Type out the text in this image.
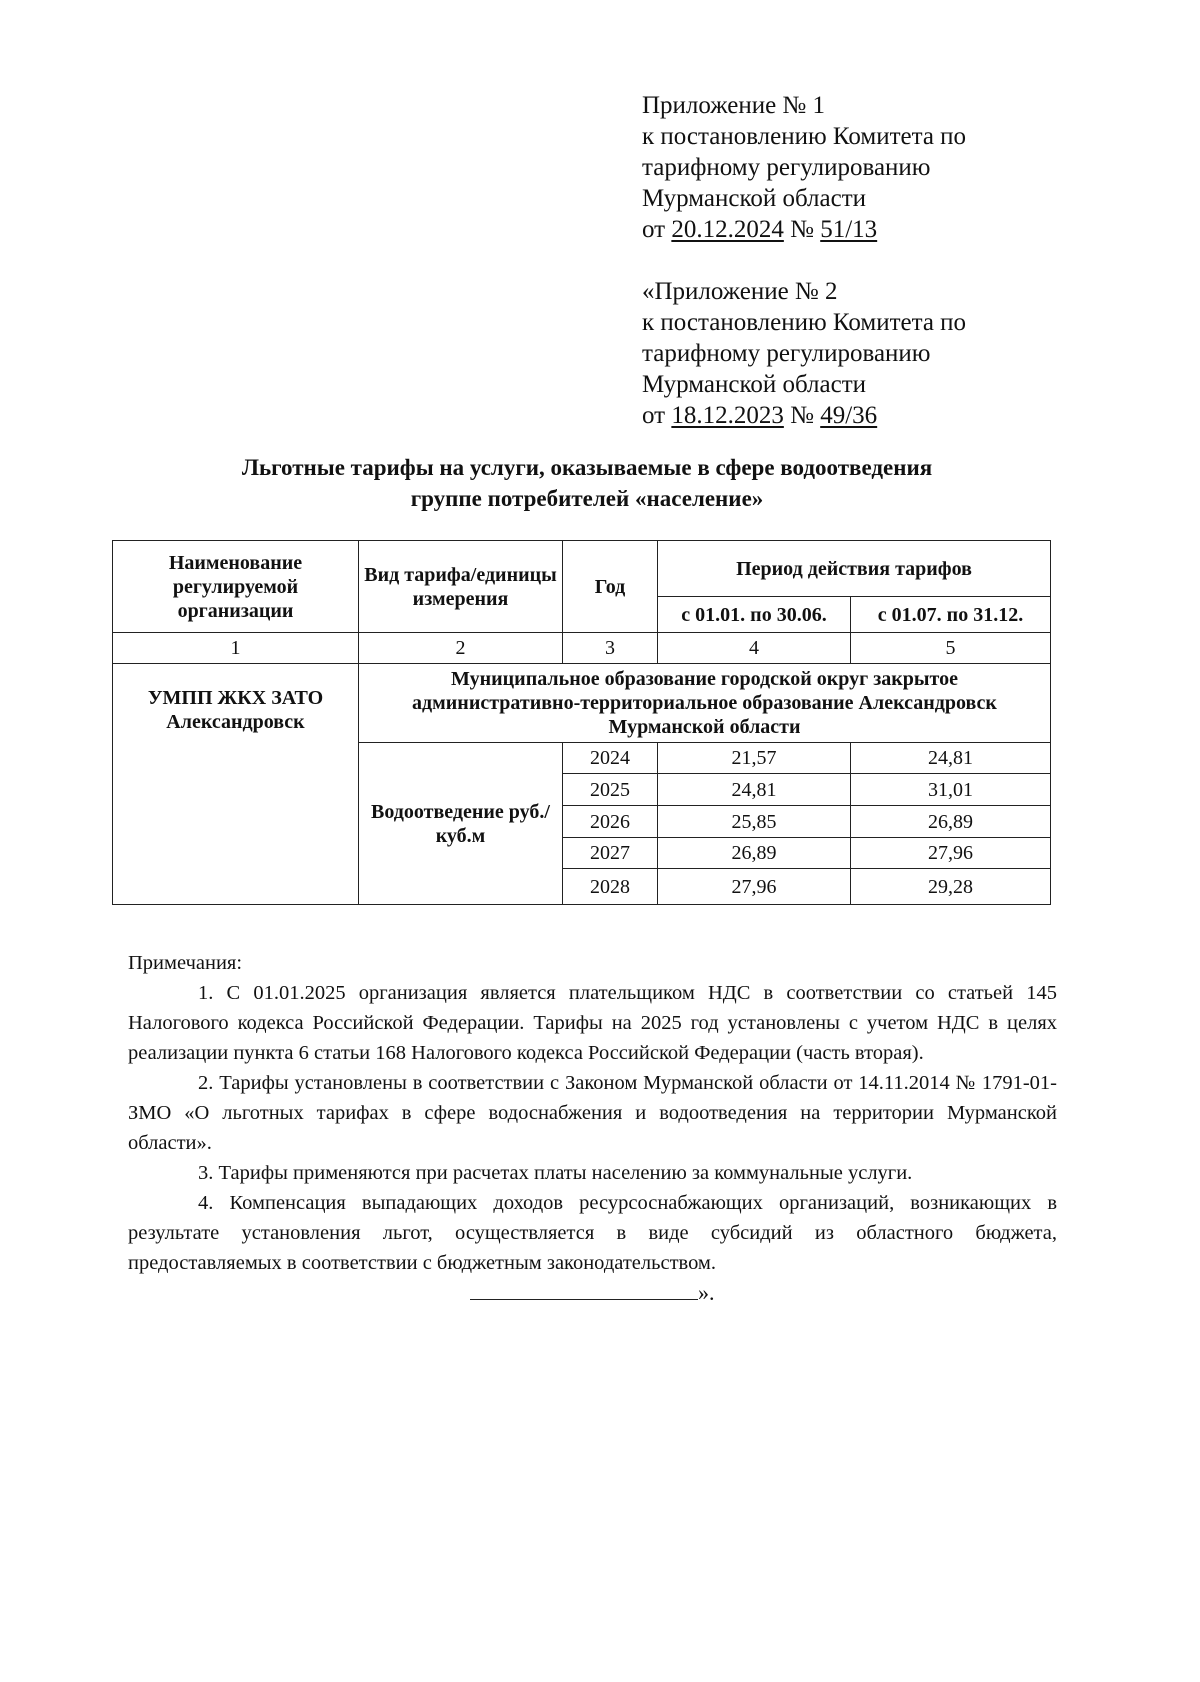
Приложение № 1
к постановлению Комитета по
тарифному регулированию
Мурманской области
от 20.12.2024 № 51/13
«Приложение № 2
к постановлению Комитета по
тарифному регулированию
Мурманской области
от 18.12.2023 № 49/36
Льготные тарифы на услуги, оказываемые в сфере водоотведения
группе потребителей «население»
Наименование регулируемой организации	Вид тарифа/единицы измерения	Год	Период действия тарифов	
			с 01.01. по 30.06.	с 01.07. по 31.12.
1	2	3	4	5
УМПП ЖКХ ЗАТО Александровск	Муниципальное образование городской округ закрытое административно-территориальное образование Александровск Мурманской области			
	Водоотведение руб./куб.м	2024	21,57	24,81
		2025	24,81	31,01
		2026	25,85	26,89
		2027	26,89	27,96
		2028	27,96	29,28

Примечания:

1. С 01.01.2025 организация является плательщиком НДС в соответствии со статьей 145 Налогового кодекса Российской Федерации. Тарифы на 2025 год установлены с учетом НДС в целях реализации пункта 6 статьи 168 Налогового кодекса Российской Федерации (часть вторая).

2. Тарифы установлены в соответствии с Законом Мурманской области от 14.11.2014 № 1791-01-ЗМО «О льготных тарифах в сфере водоснабжения и водоотведения на территории Мурманской области».

3. Тарифы применяются при расчетах платы населению за коммунальные услуги.

4. Компенсация выпадающих доходов ресурсоснабжающих организаций, возникающих в результате установления льгот, осуществляется в виде субсидий из областного бюджета, предоставляемых в соответствии с бюджетным законодательством.

».
